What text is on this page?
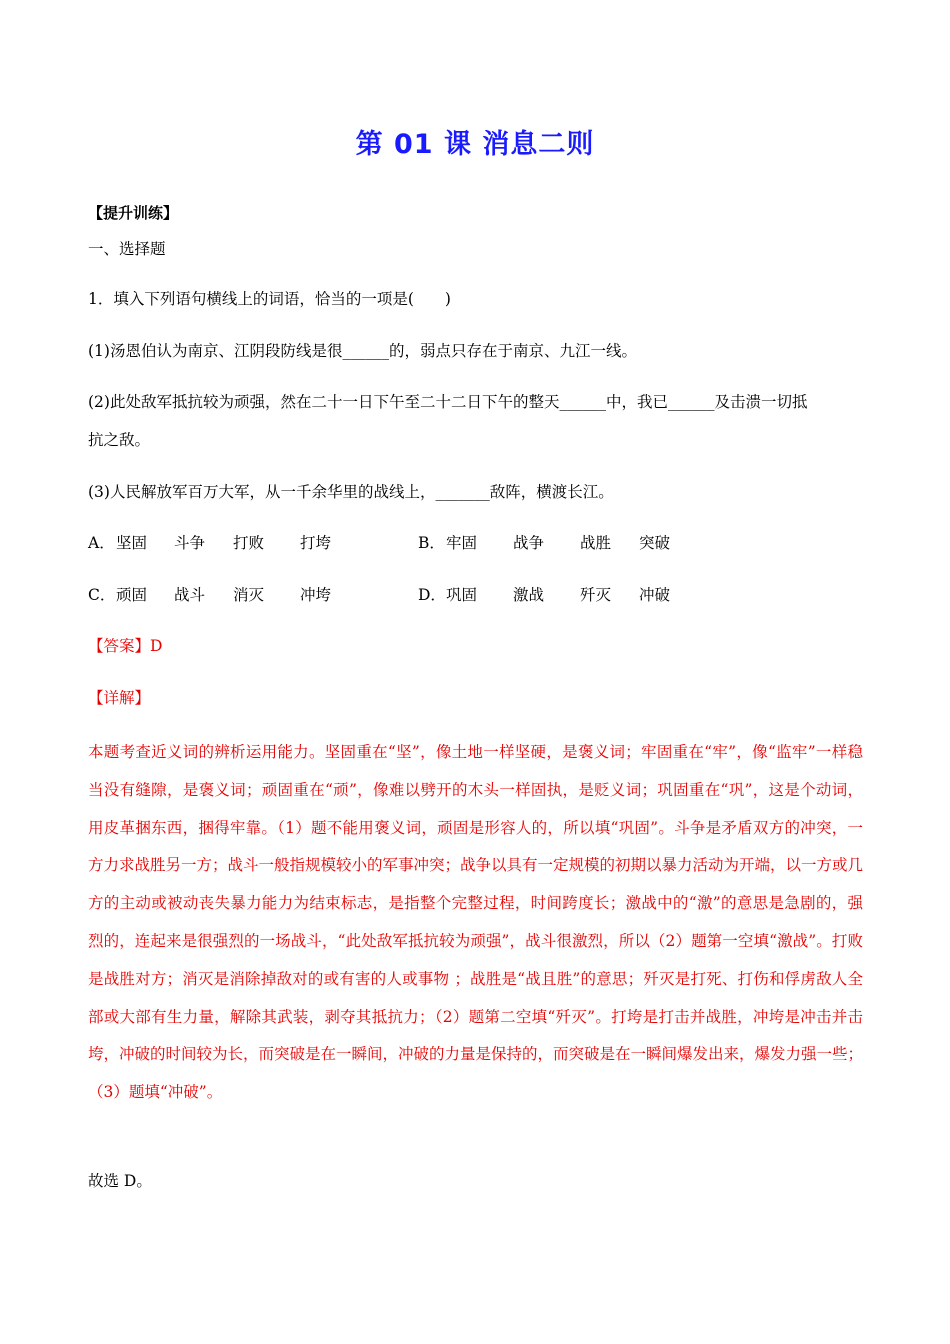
第 01 课 消息二则
【提升训练】
一、选择题
1．填入下列语句横线上的词语，恰当的一项是(　　)
(1)汤恩伯认为南京、江阴段防线是很______的，弱点只存在于南京、九江一线。
(2)此处敌军抵抗较为顽强，然在二十一日下午至二十二日下午的整天______中，我已______及击溃一切抵
抗之敌。
(3)人民解放军百万大军，从一千余华里的战线上，_______敌阵，横渡长江。
A． 坚固 斗争 打败 打垮	B． 牢固 战争 战胜 突破
C． 顽固 战斗 消灭 冲垮	D． 巩固 激战 歼灭 冲破
【答案】D
【详解】

本题考查近义词的辨析运用能力。坚固重在“坚”，像土地一样坚硬，是褒义词；牢固重在“牢”，像“监牢”一样稳当没有缝隙，是褒义词；顽固重在“顽”，像难以劈开的木头一样固执，是贬义词；巩固重在“巩”，这是个动词，用皮革捆东西，捆得牢靠。（1）题不能用褒义词，顽固是形容人的，所以填“巩固”。斗争是矛盾双方的冲突，一方力求战胜另一方；战斗一般指规模较小的军事冲突；战争以具有一定规模的初期以暴力活动为开端，以一方或几方的主动或被动丧失暴力能力为结束标志，是指整个完整过程，时间跨度长；激战中的“激”的意思是急剧的，强烈的，连起来是很强烈的一场战斗，“此处敌军抵抗较为顽强”，战斗很激烈，所以（2）题第一空填“激战”。打败是战胜对方；消灭是消除掉敌对的或有害的人或事物 ；战胜是“战且胜”的意思；歼灭是打死、打伤和俘虏敌人全部或大部有生力量，解除其武装，剥夺其抵抗力；（2）题第二空填“歼灭”。打垮是打击并战胜，冲垮是冲击并击垮，冲破的时间较为长，而突破是在一瞬间，冲破的力量是保持的，而突破是在一瞬间爆发出来，爆发力强一些；（3）题填“冲破”。

故选 D。
